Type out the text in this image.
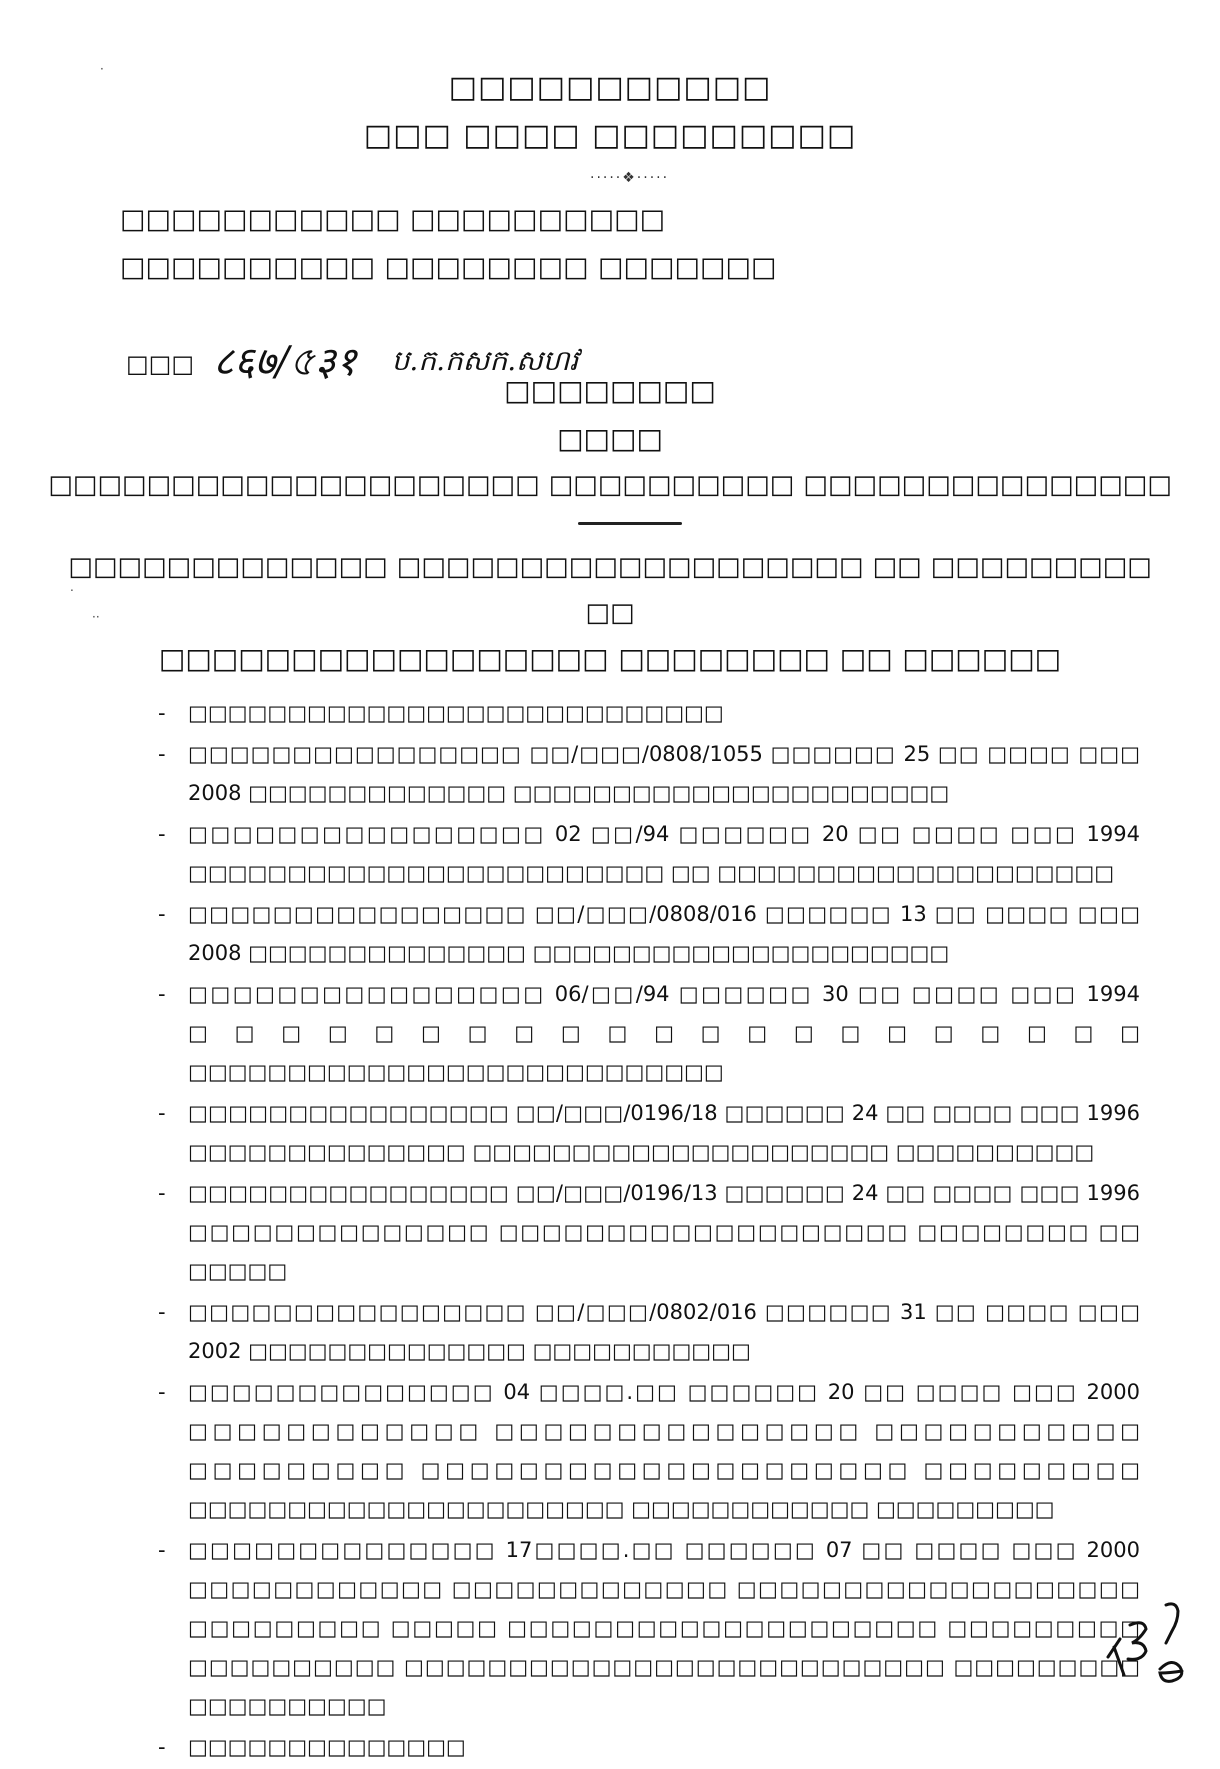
·
.
··
□□□□□□□□□□□
□□□ □□□□ □□□□□□□□□
·····❖·····
□□□□□□□□□□□ □□□□□□□□□□
□□□□□□□□□□ □□□□□□□□ □□□□□□□
□□□ ८६७/৫३१ ប.ក.កសក.សហវ
□□□□□□□□
□□□□
□□□□□□□□□□□□□□□□□□□□ □□□□□□□□□□ □□□□□□□□□□□□□□□
□□□□□□□□□□□□□ □□□□□□□□□□□□□□□□□□□ □□ □□□□□□□□□
□□
□□□□□□□□□□□□□□□□□ □□□□□□□□ □□ □□□□□□
- □□□□□□□□□□□□□□□□□□□□□□□□□□□
- □□□□□□□□□□□□□□□□ □□/□□□/0808/1055 □□□□□□ 25 □□ □□□□ □□□ 2008 □□□□□□□□□□□□□ □□□□□□□□□□□□□□□□□□□□□□
- □□□□□□□□□□□□□□□□ 02 □□/94 □□□□□□ 20 □□ □□□□ □□□ 1994 □□□□□□□□□□□□□□□□□□□□□□□□ □□ □□□□□□□□□□□□□□□□□□□□
- □□□□□□□□□□□□□□□□ □□/□□□/0808/016 □□□□□□ 13 □□ □□□□ □□□ 2008 □□□□□□□□□□□□□□ □□□□□□□□□□□□□□□□□□□□□
- □□□□□□□□□□□□□□□□ 06/□□/94 □□□□□□ 30 □□ □□□□ □□□ 1994 □□□□□□□□□□□□□□□□□□□□□ □□□□□□□□□□□□□□□□□□□□□□□□□□□
- □□□□□□□□□□□□□□□□ □□/□□□/0196/18 □□□□□□ 24 □□ □□□□ □□□ 1996 □□□□□□□□□□□□□□ □□□□□□□□□□□□□□□□□□□□□ □□□□□□□□□□
- □□□□□□□□□□□□□□□□ □□/□□□/0196/13 □□□□□□ 24 □□ □□□□ □□□ 1996 □□□□□□□□□□□□□□ □□□□□□□□□□□□□□□□□□□ □□□□□□□□ □□ □□□□□
- □□□□□□□□□□□□□□□□ □□/□□□/0802/016 □□□□□□ 31 □□ □□□□ □□□ 2002 □□□□□□□□□□□□□□ □□□□□□□□□□□
- □□□□□□□□□□□□□□ 04 □□□□.□□ □□□□□□ 20 □□ □□□□ □□□ 2000 □□□□□□□□□□□□ □□□□□□□□□□□□□□□ □□□□□□□□□□□ □□□□□□□□□ □□□□□□□□□□□□□□□□□□□□ □□□□□□□□□ □□□□□□□□□□□□□□□□□□□□□□ □□□□□□□□□□□□ □□□□□□□□□
- □□□□□□□□□□□□□□ 17□□□□.□□ □□□□□□ 07 □□ □□□□ □□□ 2000 □□□□□□□□□□□□ □□□□□□□□□□□□□ □□□□□□□□□□□□□□□□□□□ □□□□□□□□□ □□□□□ □□□□□□□□□□□□□□□□□□□□ □□□□□□□□□ □□□□□□□□□□ □□□□□□□□□□□□□□□□□□□□□□□□□□ □□□□□□□□□ □□□□□□□□□□
- □□□□□□□□□□□□□□
